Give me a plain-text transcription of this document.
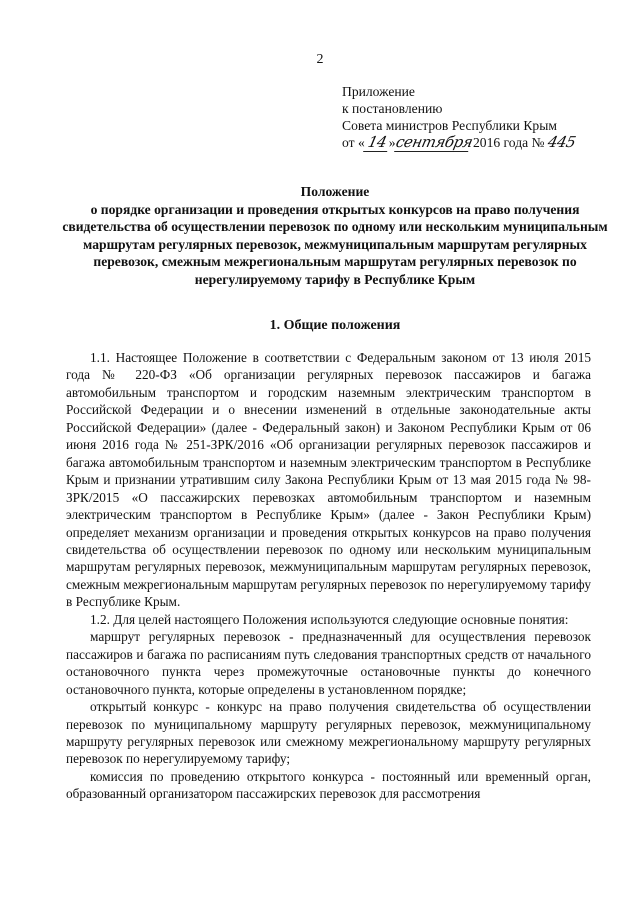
2
Приложение
к постановлению
Совета министров Республики Крым
от « 14 »
сентября
2016 года №
445
Положение
о порядке организации и проведения открытых конкурсов на право получения свидетельства об осуществлении перевозок по одному или нескольким муниципальным маршрутам регулярных перевозок, межмуниципальным маршрутам регулярных перевозок, смежным межрегиональным маршрутам регулярных перевозок по нерегулируемому тарифу в Республике Крым
1. Общие положения

1.1. Настоящее Положение в соответствии с Федеральным законом от 13 июля 2015 года № 220-ФЗ «Об организации регулярных перевозок пассажиров и багажа автомобильным транспортом и городским наземным электрическим транспортом в Российской Федерации и о внесении изменений в отдельные законодательные акты Российской Федерации» (далее - Федеральный закон) и Законом Республики Крым от 06 июня 2016 года № 251-ЗРК/2016 «Об организации регулярных перевозок пассажиров и багажа автомобильным транспортом и наземным электрическим транспортом в Республике Крым и признании утратившим силу Закона Республики Крым от 13 мая 2015 года № 98-ЗРК/2015 «О пассажирских перевозках автомобильным транспортом и наземным электрическим транспортом в Республике Крым» (далее - Закон Республики Крым) определяет механизм организации и проведения открытых конкурсов на право получения свидетельства об осуществлении перевозок по одному или нескольким муниципальным маршрутам регулярных перевозок, межмуниципальным маршрутам регулярных перевозок, смежным межрегиональным маршрутам регулярных перевозок по нерегулируемому тарифу в Республике Крым.

1.2. Для целей настоящего Положения используются следующие основные понятия:

маршрут регулярных перевозок - предназначенный для осуществления перевозок пассажиров и багажа по расписаниям путь следования транспортных средств от начального остановочного пункта через промежуточные остановочные пункты до конечного остановочного пункта, которые определены в установленном порядке;

открытый конкурс - конкурс на право получения свидетельства об осуществлении перевозок по муниципальному маршруту регулярных перевозок, межмуниципальному маршруту регулярных перевозок или смежному межрегиональному маршруту регулярных перевозок по нерегулируемому тарифу;

комиссия по проведению открытого конкурса - постоянный или временный орган, образованный организатором пассажирских перевозок для рассмотрения
